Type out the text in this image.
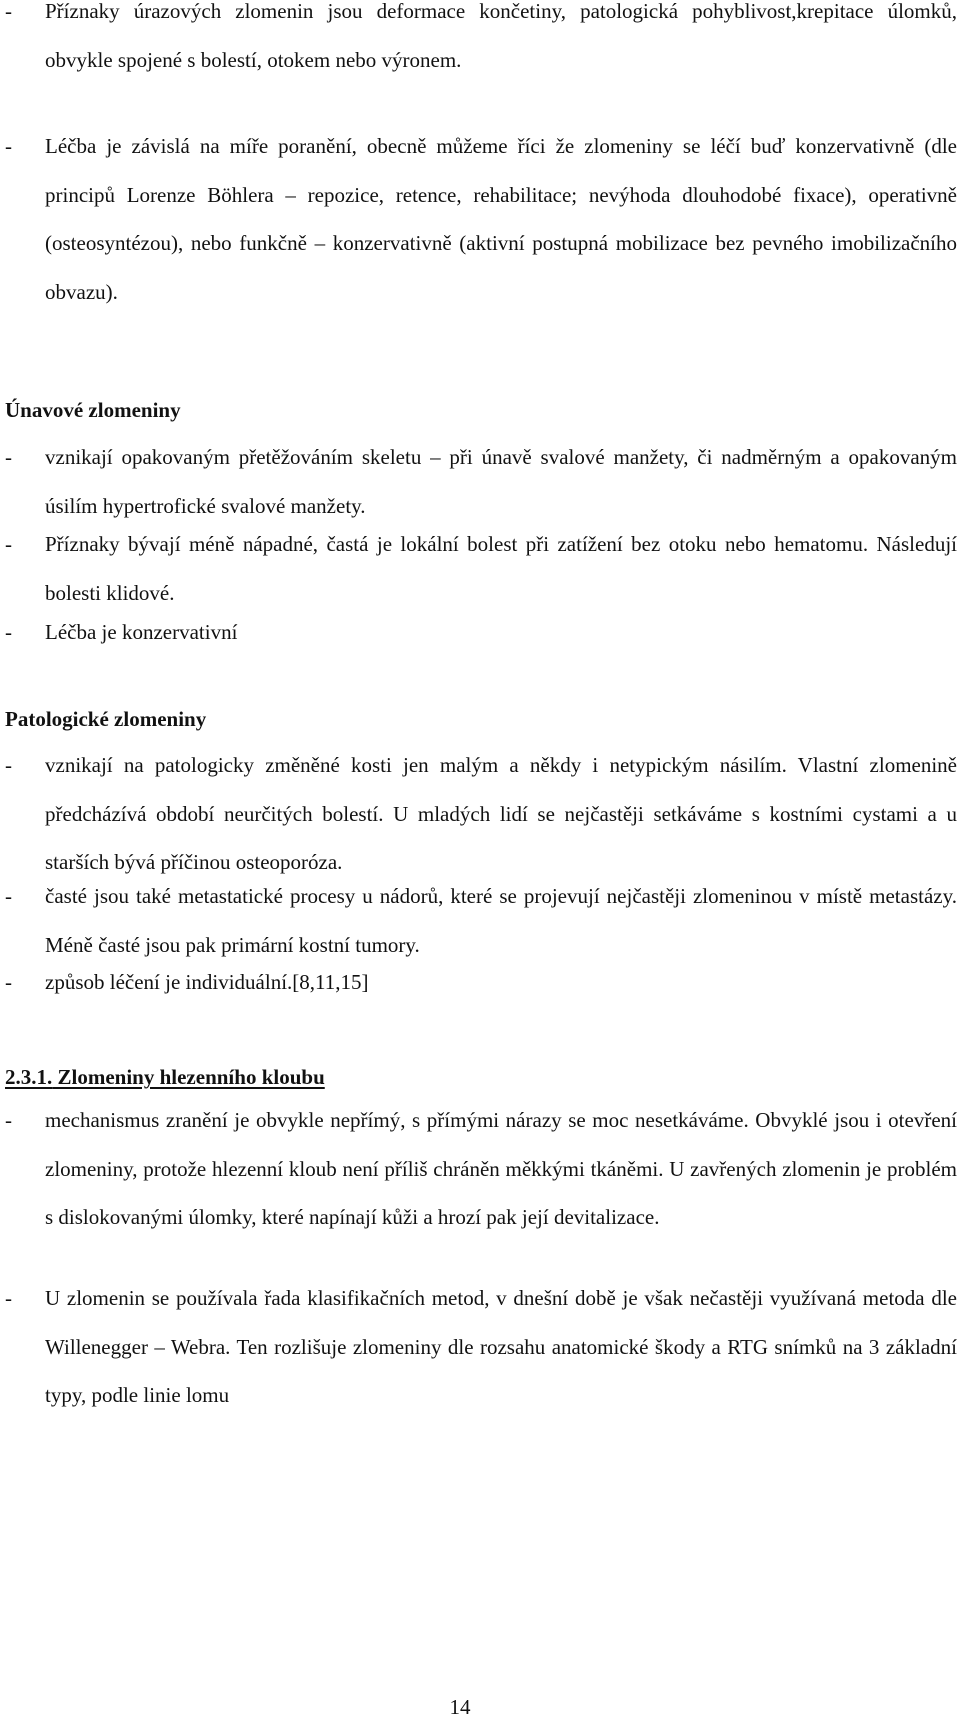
-	Příznaky úrazových zlomenin jsou deformace končetiny, patologická pohyblivost,krepitace úlomků, obvykle spojené s bolestí, otokem nebo výronem.
-	Léčba je závislá na míře poranění, obecně můžeme říci že zlomeniny se léčí buď konzervativně (dle principů Lorenze Böhlera – repozice, retence, rehabilitace; nevýhoda dlouhodobé fixace), operativně (osteosyntézou), nebo funkčně – konzervativně (aktivní postupná mobilizace bez pevného imobilizačního obvazu).
Únavové zlomeniny
-	vznikají opakovaným přetěžováním skeletu – při únavě svalové manžety, či nadměrným a opakovaným úsilím hypertrofické svalové manžety.
-	Příznaky bývají méně nápadné, častá je lokální bolest při zatížení bez otoku nebo hematomu. Následují bolesti klidové.
-	Léčba je konzervativní
Patologické zlomeniny
-	vznikají na patologicky změněné kosti jen malým a někdy i netypickým násilím. Vlastní zlomenině předcházívá období neurčitých bolestí. U mladých lidí se nejčastěji setkáváme s kostními cystami a u starších bývá příčinou osteoporóza.
-	časté jsou také metastatické procesy u nádorů, které se projevují nejčastěji zlomeninou v místě metastázy. Méně časté jsou pak primární kostní tumory.
-	způsob léčení je individuální.[8,11,15]
2.3.1. Zlomeniny hlezenního kloubu
-	mechanismus zranění je obvykle nepřímý, s přímými nárazy se moc nesetkáváme. Obvyklé jsou i otevření zlomeniny, protože hlezenní kloub není příliš chráněn měkkými tkáněmi. U zavřených zlomenin je problém s dislokovanými úlomky, které napínají kůži a hrozí pak její devitalizace.
-	U zlomenin se používala řada klasifikačních metod, v dnešní době je však nečastěji využívaná metoda dle Willenegger – Webra. Ten rozlišuje zlomeniny dle rozsahu anatomické škody a RTG snímků na 3 základní typy, podle linie lomu
14
